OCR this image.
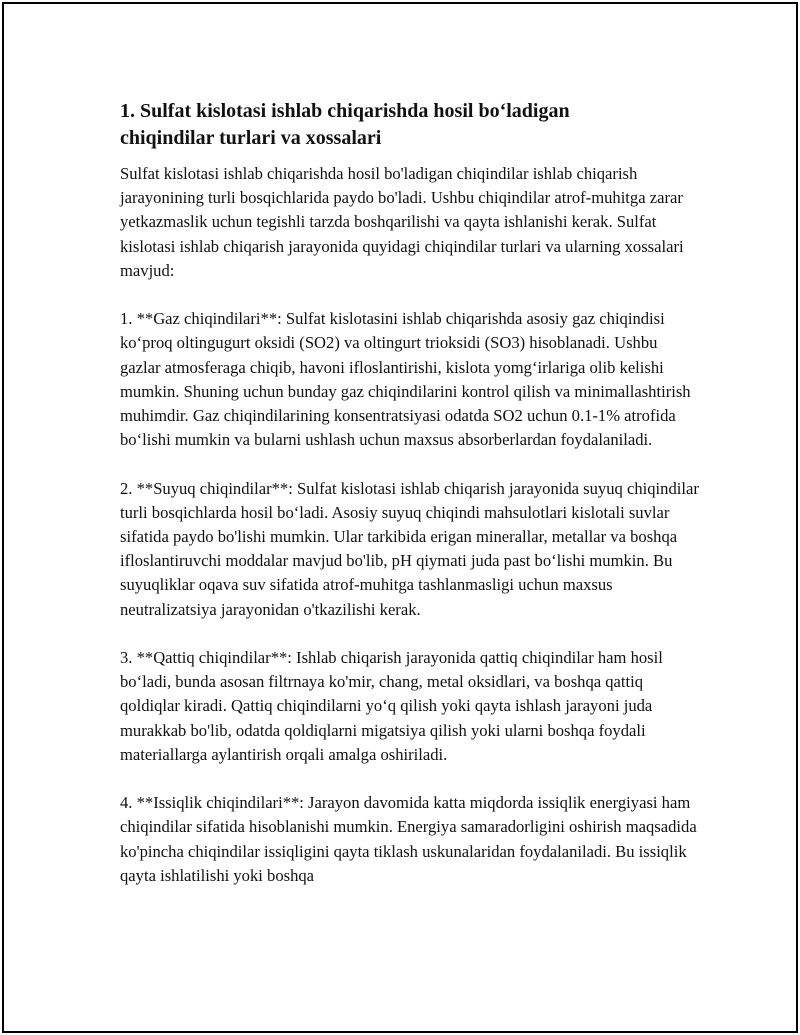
1. Sulfat kislotasi ishlab chiqarishda hosil bo‘ladigan chiqindilar turlari va xossalari

Sulfat kislotasi ishlab chiqarishda hosil bo'ladigan chiqindilar ishlab chiqarish jarayonining turli bosqichlarida paydo bo'ladi. Ushbu chiqindilar atrof-muhitga zarar yetkazmaslik uchun tegishli tarzda boshqarilishi va qayta ishlanishi kerak. Sulfat kislotasi ishlab chiqarish jarayonida quyidagi chiqindilar turlari va ularning xossalari mavjud:

1. **Gaz chiqindilari**: Sulfat kislotasini ishlab chiqarishda asosiy gaz chiqindisi ko‘proq oltingugurt oksidi (SO2) va oltingurt trioksidi (SO3) hisoblanadi. Ushbu gazlar atmosferaga chiqib, havoni ifloslantirishi, kislota yomg‘irlariga olib kelishi mumkin. Shuning uchun bunday gaz chiqindilarini kontrol qilish va minimallashtirish muhimdir. Gaz chiqindilarining konsentratsiyasi odatda SO2 uchun 0.1-1% atrofida bo‘lishi mumkin va bularni ushlash uchun maxsus absorberlardan foydalaniladi.

2. **Suyuq chiqindilar**: Sulfat kislotasi ishlab chiqarish jarayonida suyuq chiqindilar turli bosqichlarda hosil bo‘ladi. Asosiy suyuq chiqindi mahsulotlari kislotali suvlar sifatida paydo bo'lishi mumkin. Ular tarkibida erigan minerallar, metallar va boshqa ifloslantiruvchi moddalar mavjud bo'lib, pH qiymati juda past bo‘lishi mumkin. Bu suyuqliklar oqava suv sifatida atrof-muhitga tashlanmasligi uchun maxsus neutralizatsiya jarayonidan o'tkazilishi kerak.

3. **Qattiq chiqindilar**: Ishlab chiqarish jarayonida qattiq chiqindilar ham hosil bo‘ladi, bunda asosan filtrnaya ko'mir, chang, metal oksidlari, va boshqa qattiq qoldiqlar kiradi. Qattiq chiqindilarni yo‘q qilish yoki qayta ishlash jarayoni juda murakkab bo'lib, odatda qoldiqlarni migatsiya qilish yoki ularni boshqa foydali materiallarga aylantirish orqali amalga oshiriladi.

4. **Issiqlik chiqindilari**: Jarayon davomida katta miqdorda issiqlik energiyasi ham chiqindilar sifatida hisoblanishi mumkin. Energiya samaradorligini oshirish maqsadida ko'pincha chiqindilar issiqligini qayta tiklash uskunalaridan foydalaniladi. Bu issiqlik qayta ishlatilishi yoki boshqa
